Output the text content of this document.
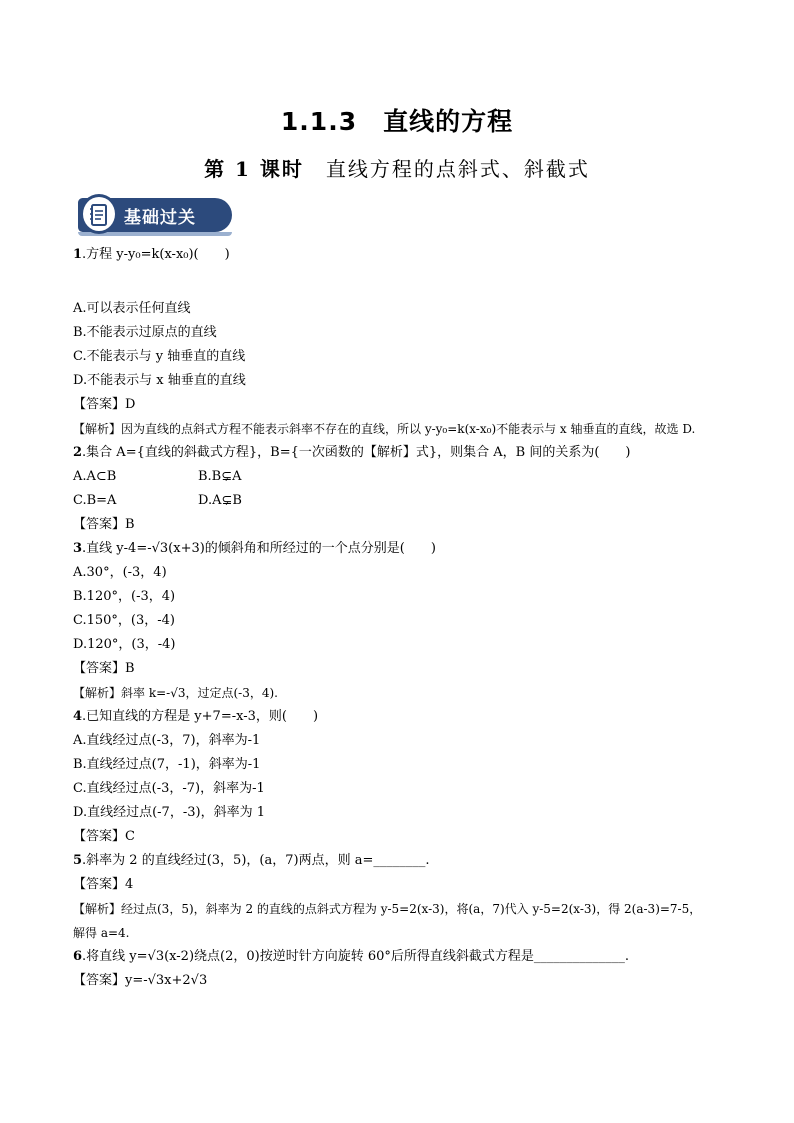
1.1.3　直线的方程
第 1 课时　 直线方程的点斜式、斜截式
基础过关
1.方程 y-y₀=k(x-x₀)(　　)
A.可以表示任何直线
B.不能表示过原点的直线
C.不能表示与 y 轴垂直的直线
D.不能表示与 x 轴垂直的直线
【答案】D
【解析】因为直线的点斜式方程不能表示斜率不存在的直线，所以 y-y₀=k(x-x₀)不能表示与 x 轴垂直的直线，故选 D.
2.集合 A={直线的斜截式方程}，B={一次函数的【解析】式}，则集合 A，B 间的关系为(　　)
A.A⊂B	B.B⊊A
C.B=A	D.A⊊B
【答案】B
3.直线 y-4=-√3(x+3)的倾斜角和所经过的一个点分别是(　　)
A.30°，(-3，4)
B.120°，(-3，4)
C.150°，(3，-4)
D.120°，(3，-4)
【答案】B
【解析】斜率 k=-√3，过定点(-3，4).
4.已知直线的方程是 y+7=-x-3，则(　　)
A.直线经过点(-3，7)，斜率为-1
B.直线经过点(7，-1)，斜率为-1
C.直线经过点(-3，-7)，斜率为-1
D.直线经过点(-7，-3)，斜率为 1
【答案】C
5.斜率为 2 的直线经过(3，5)，(a，7)两点，则 a=________.
【答案】4
【解析】经过点(3，5)，斜率为 2 的直线的点斜式方程为 y-5=2(x-3)，将(a，7)代入 y-5=2(x-3)，得 2(a-3)=7-5，解得 a=4.
6.将直线 y=√3(x-2)绕点(2，0)按逆时针方向旋转 60°后所得直线斜截式方程是______________.
【答案】y=-√3x+2√3
